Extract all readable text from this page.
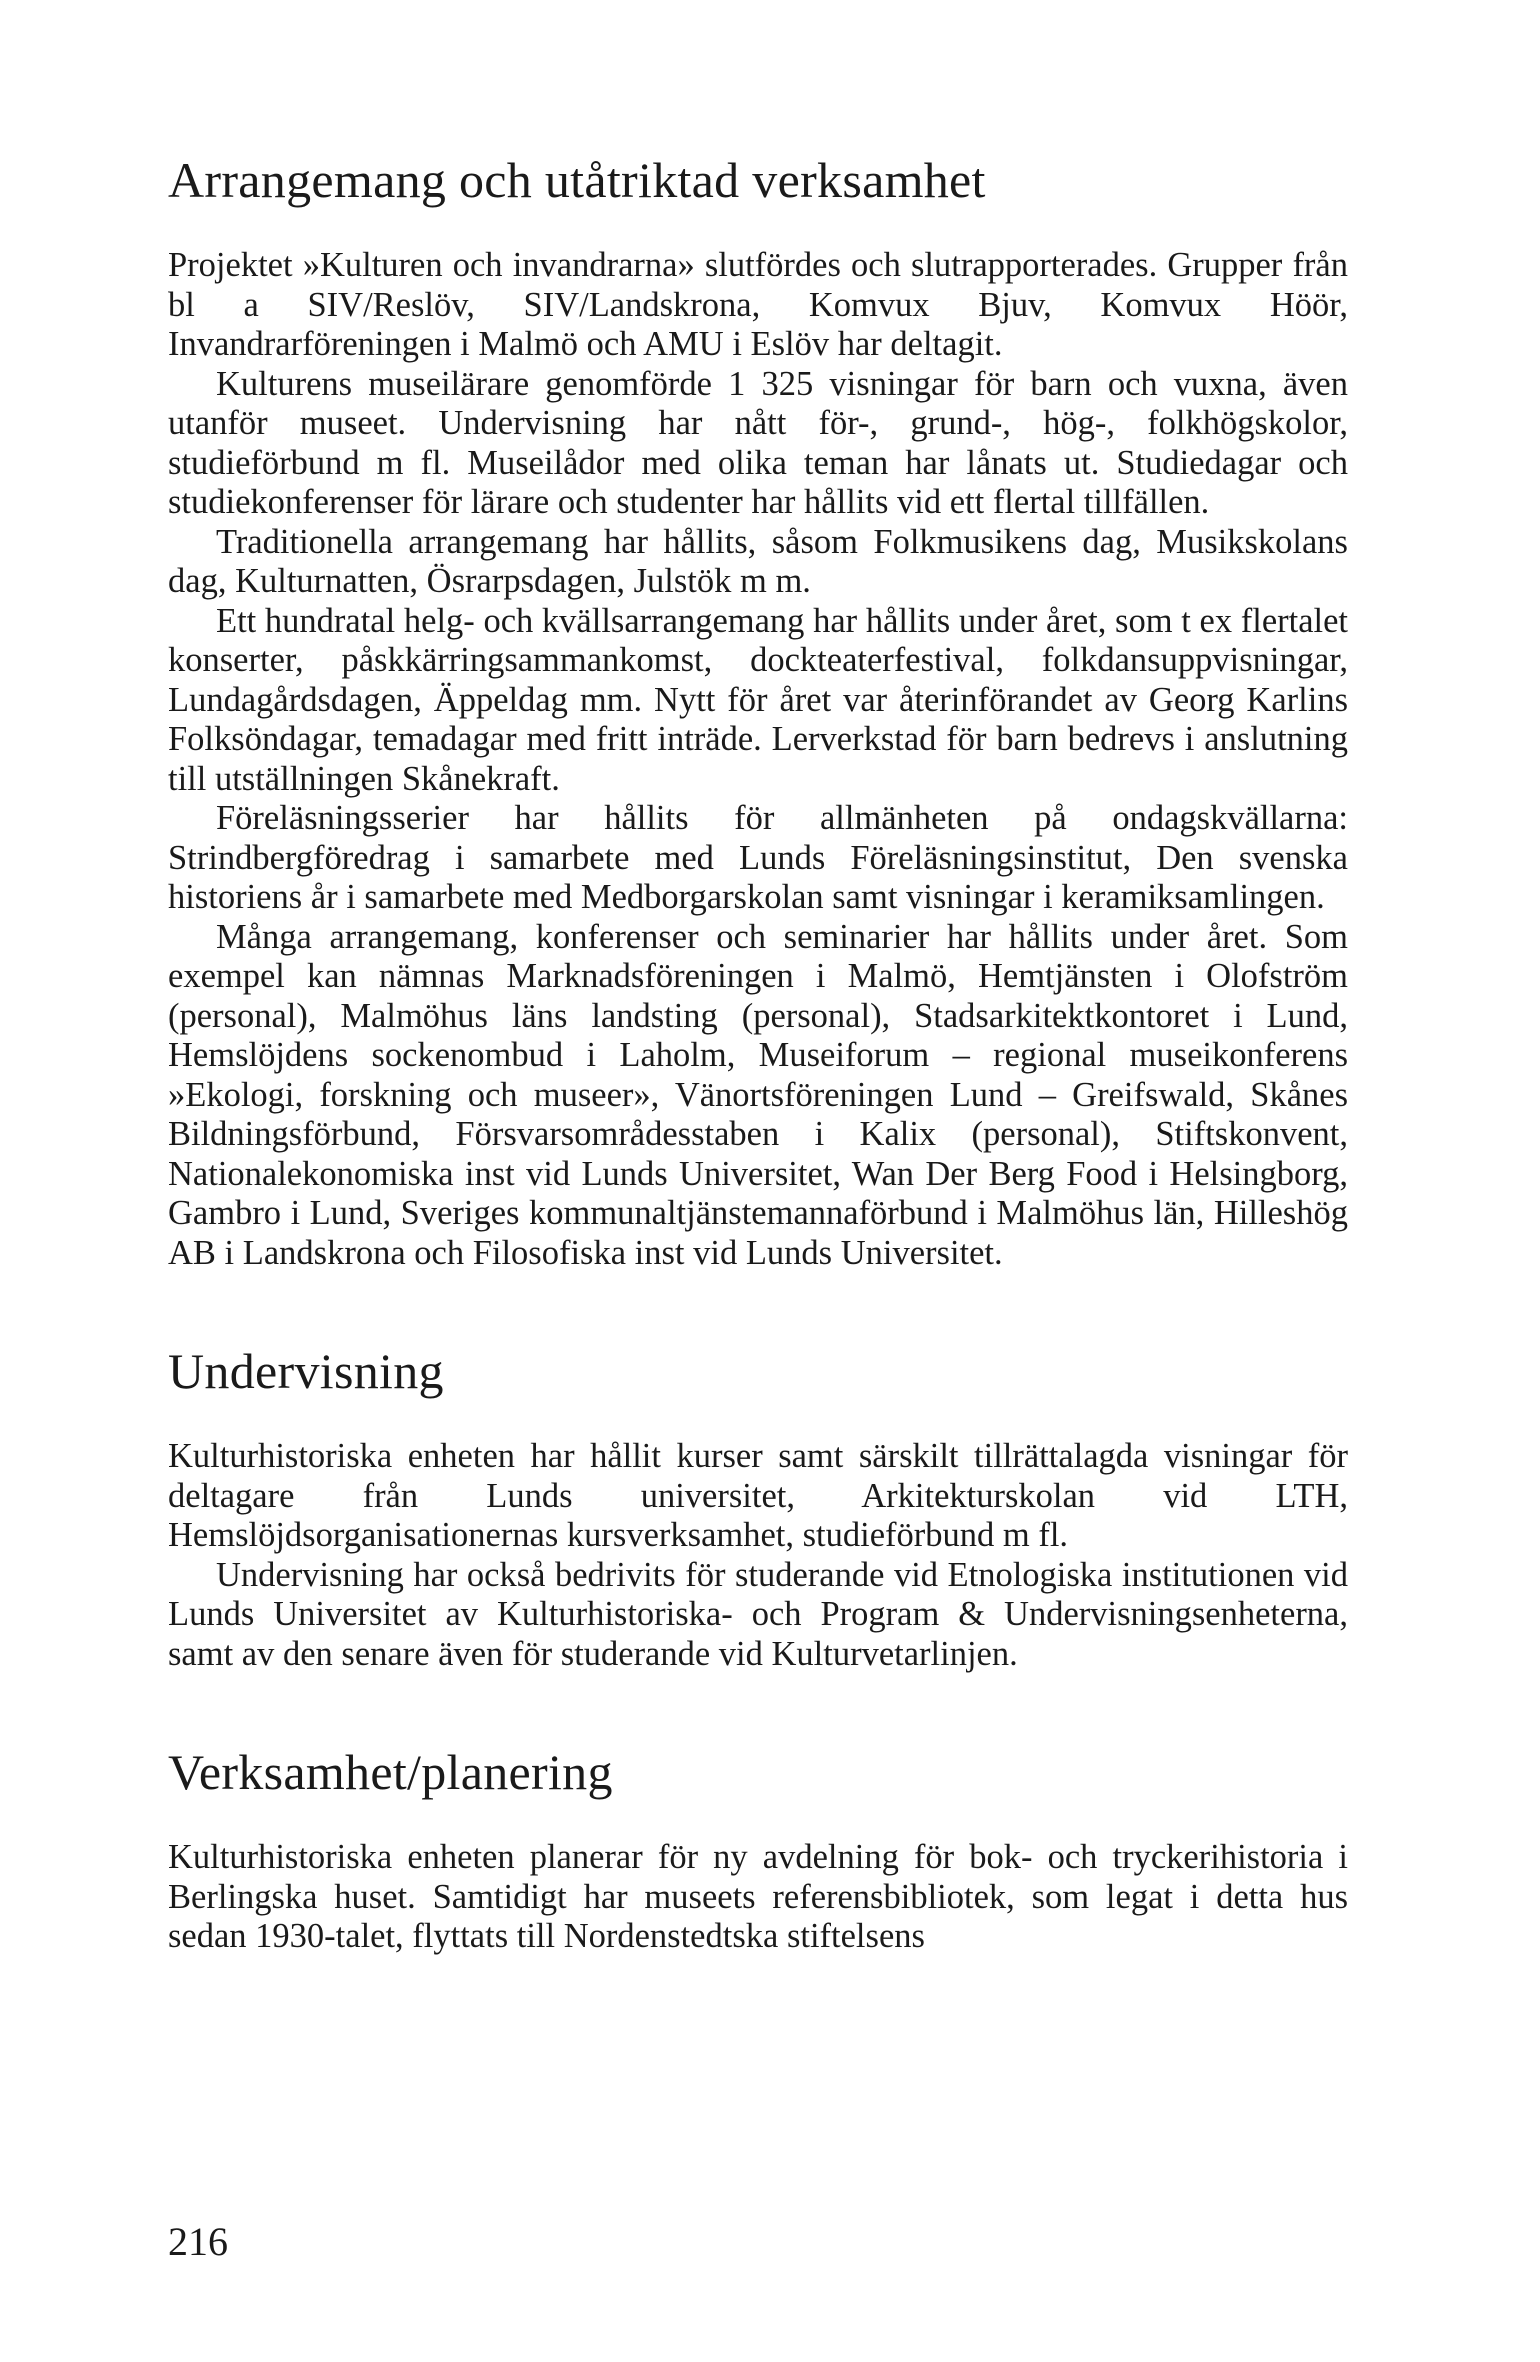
Arrangemang och utåtriktad verksamhet

Projektet »Kulturen och invandrarna» slutfördes och slutrapporterades. Grupper från bl a SIV/Reslöv, SIV/Landskrona, Komvux Bjuv, Komvux Höör, Invandrarföreningen i Malmö och AMU i Eslöv har deltagit.

Kulturens museilärare genomförde 1 325 visningar för barn och vuxna, även utanför museet. Undervisning har nått för-, grund-, hög-, folkhögskolor, studieförbund m fl. Museilådor med olika teman har lånats ut. Studiedagar och studiekonferenser för lärare och studenter har hållits vid ett flertal tillfällen.

Traditionella arrangemang har hållits, såsom Folkmusikens dag, Musikskolans dag, Kulturnatten, Ösrarpsdagen, Julstök m m.

Ett hundratal helg- och kvällsarrangemang har hållits under året, som t ex flertalet konserter, påskkärringsammankomst, dockteaterfestival, folkdansuppvisningar, Lundagårdsdagen, Äppeldag mm. Nytt för året var återinförandet av Georg Karlins Folksöndagar, temadagar med fritt inträde. Lerverkstad för barn bedrevs i anslutning till utställningen Skånekraft.

Föreläsningsserier har hållits för allmänheten på ondagskvällarna: Strindbergföredrag i samarbete med Lunds Föreläsningsinstitut, Den svenska historiens år i samarbete med Medborgarskolan samt visningar i keramiksamlingen.

Många arrangemang, konferenser och seminarier har hållits under året. Som exempel kan nämnas Marknadsföreningen i Malmö, Hemtjänsten i Olofström (personal), Malmöhus läns landsting (personal), Stadsarkitektkontoret i Lund, Hemslöjdens sockenombud i Laholm, Museiforum – regional museikonferens »Ekologi, forskning och museer», Vänortsföreningen Lund – Greifswald, Skånes Bildningsförbund, Försvarsområdesstaben i Kalix (personal), Stiftskonvent, Nationalekonomiska inst vid Lunds Universitet, Wan Der Berg Food i Helsingborg, Gambro i Lund, Sveriges kommunaltjänstemannaförbund i Malmöhus län, Hilleshög AB i Landskrona och Filosofiska inst vid Lunds Universitet.

Undervisning

Kulturhistoriska enheten har hållit kurser samt särskilt tillrättalagda visningar för deltagare från Lunds universitet, Arkitekturskolan vid LTH, Hemslöjdsorganisationernas kursverksamhet, studieförbund m fl.

Undervisning har också bedrivits för studerande vid Etnologiska institutionen vid Lunds Universitet av Kulturhistoriska- och Program & Undervisningsenheterna, samt av den senare även för studerande vid Kulturvetarlinjen.

Verksamhet/planering

Kulturhistoriska enheten planerar för ny avdelning för bok- och tryckerihistoria i Berlingska huset. Samtidigt har museets referensbibliotek, som legat i detta hus sedan 1930-talet, flyttats till Nordenstedtska stiftelsens

216
